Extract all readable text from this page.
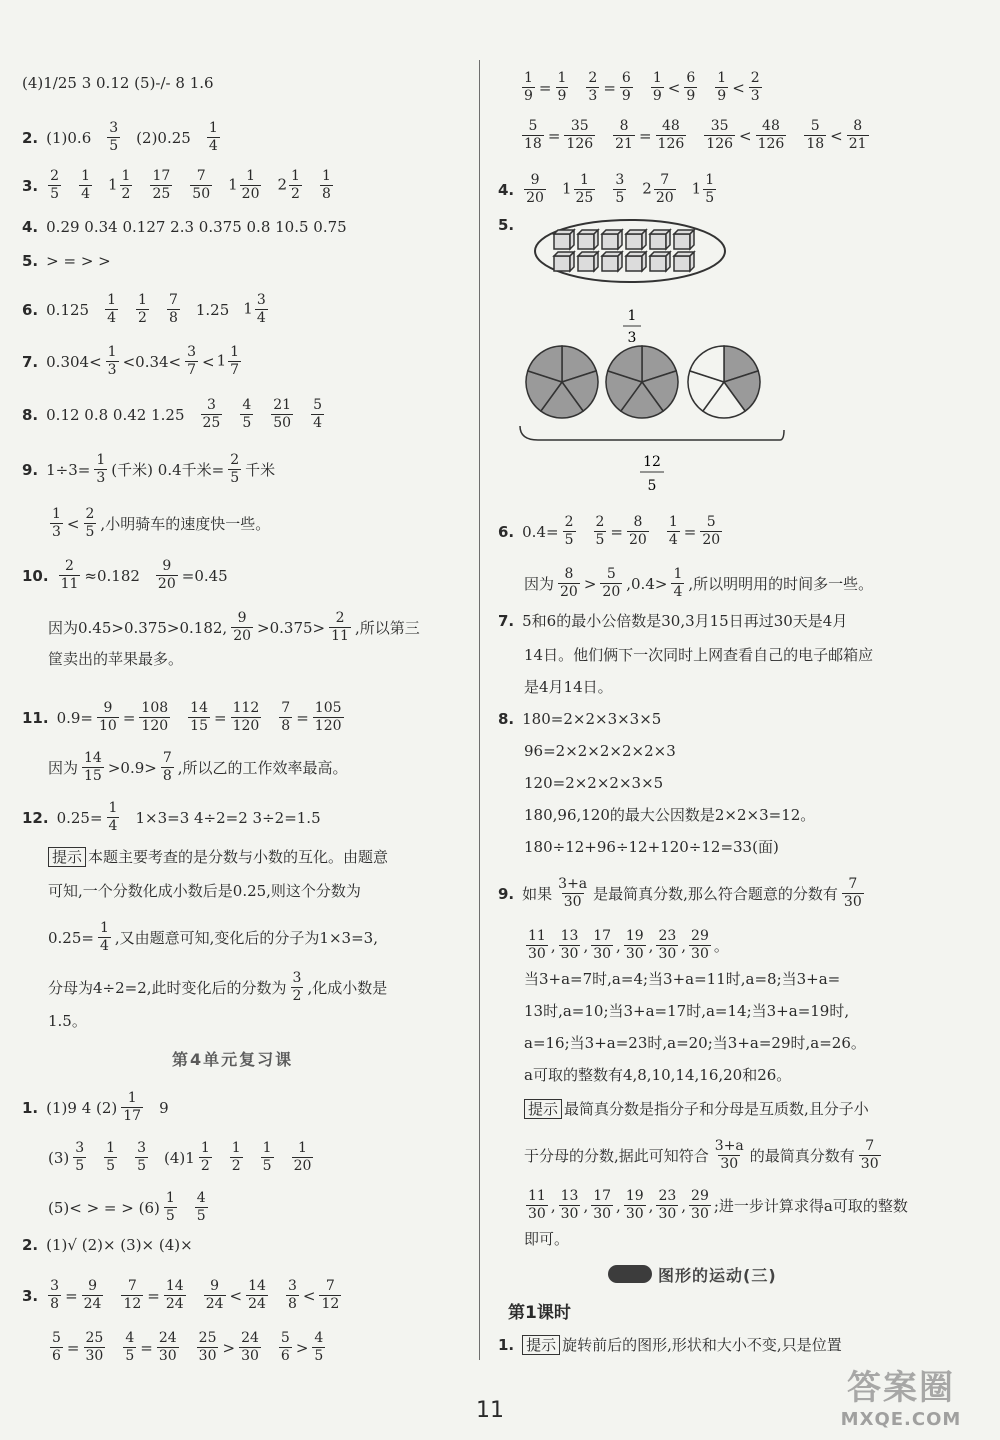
(4)1/25 3 0.12 (5)-/- 8 1.6
2. $(1)0.6 \frac{3}{5} (2)0.25 \frac{1}{4}$
3. $\frac{2}{5} \frac{1}{4} 1 \frac{1}{2} \frac{17}{25} \frac{7}{50} 1 \frac{1}{20} 2 \frac{1}{2} \frac{1}{8}$
4. 0.29 0.34 0.127 2.3 0.375 0.8 10.5 0.75
5. > = > >
6. $0.125 \frac{1}{4} \frac{1}{2} \frac{7}{8} 1.25$ $1 \frac{3}{4}$
7. $0.304< \frac{1}{3} <0.34< \frac{3}{7} < 1 \frac{1}{7}$
8. 0.12 0.8 0.42 $1.25 \frac{3}{25} \frac{4}{5} \frac{21}{50} \frac{5}{4}$
9. $1\div 3= \frac{1}{3}$ (千米) 0.4千米= $\frac{2}{5}$ 千米
$\frac{1}{3} < \frac{2}{5}$ ,小明骑车的速度快一些。
10. $\frac{2}{11} \approx 0.182 \frac{9}{20} =0.45$
因为0.45>0.375>0.182, $\frac{9}{20} >0.375> \frac{2}{11}$ ,所以第三
筐卖出的苹果最多。
11. $0.9= \frac{9}{10} = \frac{108}{120} \frac{14}{15} = \frac{112}{120} \frac{7}{8} = \frac{105}{120}$
因为 $\frac{14}{15} >0.9> \frac{7}{8}$ ,所以乙的工作效率最高。
12. $0.25= \frac{1}{4} 1\times 3=3$ 4÷2=2 3÷2=1.5
提示 本题主要考查的是分数与小数的互化。由题意
可知,一个分数化成小数后是0.25,则这个分数为
$0.25= \frac{1}{4}$ ,又由题意可知,变化后的分子为1×3=3,
分母为4÷2=2,此时变化后的分数为 $\frac{3}{2}$ ,化成小数是
1.5。
第4单元复习课
1. (1)9 4 $(2) \frac{1}{17} 9$
$(3) \frac{3}{5} \frac{1}{5} \frac{3}{5} (4)1 \frac{1}{2} \frac{1}{2} \frac{1}{5} \frac{1}{20}$
(5)< > = > $(6) \frac{1}{5} \frac{4}{5}$
2. (1)√ (2)× (3)× (4)×
3. $\frac{3}{8} = \frac{9}{24} \frac{7}{12} = \frac{14}{24} \frac{9}{24} < \frac{14}{24} \frac{3}{8} < \frac{7}{12}$
$\frac{5}{6} = \frac{25}{30} \frac{4}{5} = \frac{24}{30} \frac{25}{30} > \frac{24}{30} \frac{5}{6} > \frac{4}{5}$
$\frac{1}{9} = \frac{1}{9} \frac{2}{3} = \frac{6}{9} \frac{1}{9} < \frac{6}{9} \frac{1}{9} < \frac{2}{3}$
$\frac{5}{18} = \frac{35}{126} \frac{8}{21} = \frac{48}{126} \frac{35}{126} < \frac{48}{126} \frac{5}{18} < \frac{8}{21}$
4. $\frac{9}{20} 1 \frac{1}{25} \frac{3}{5} 2 \frac{7}{20} 1 \frac{1}{5}$
5.
1
3
12
5
6. $0.4= \frac{2}{5} \frac{2}{5} = \frac{8}{20} \frac{1}{4} = \frac{5}{20}$
因为 $\frac{8}{20} > \frac{5}{20} ,0.4> \frac{1}{4}$ ,所以明明用的时间多一些。
7. 5和6的最小公倍数是30,3月15日再过30天是4月
14日。他们俩下一次同时上网查看自己的电子邮箱应
是4月14日。
8. 180=2×2×3×3×5
96=2×2×2×2×2×3
120=2×2×2×3×5
180,96,120的最大公因数是2×2×3=12。
180÷12+96÷12+120÷12=33(面)
9. 如果 $\frac{3+a}{30}$ 是最简真分数,那么符合题意的分数有 $\frac{7}{30}$
$\frac{11}{30}$ , $\frac{13}{30}$ , $\frac{17}{30}$ , $\frac{19}{30}$ , $\frac{23}{30}$ , $\frac{29}{30}$ 。
当3+a=7时,a=4;当3+a=11时,a=8;当3+a=
13时,a=10;当3+a=17时,a=14;当3+a=19时,
a=16;当3+a=23时,a=20;当3+a=29时,a=26。
a可取的整数有4,8,10,14,16,20和26。
提示 最简真分数是指分子和分母是互质数,且分子小
于分母的分数,据此可知符合 $\frac{3+a}{30}$ 的最简真分数有 $\frac{7}{30}$
$\frac{11}{30}$ , $\frac{13}{30}$ , $\frac{17}{30}$ , $\frac{19}{30}$ , $\frac{23}{30}$ , $\frac{29}{30}$ ;进一步计算求得a可取的整数
即可。
图形的运动(三)
第1课时
1. 提示 旋转前后的图形,形状和大小不变,只是位置
11
答案圈
MXQE.COM
